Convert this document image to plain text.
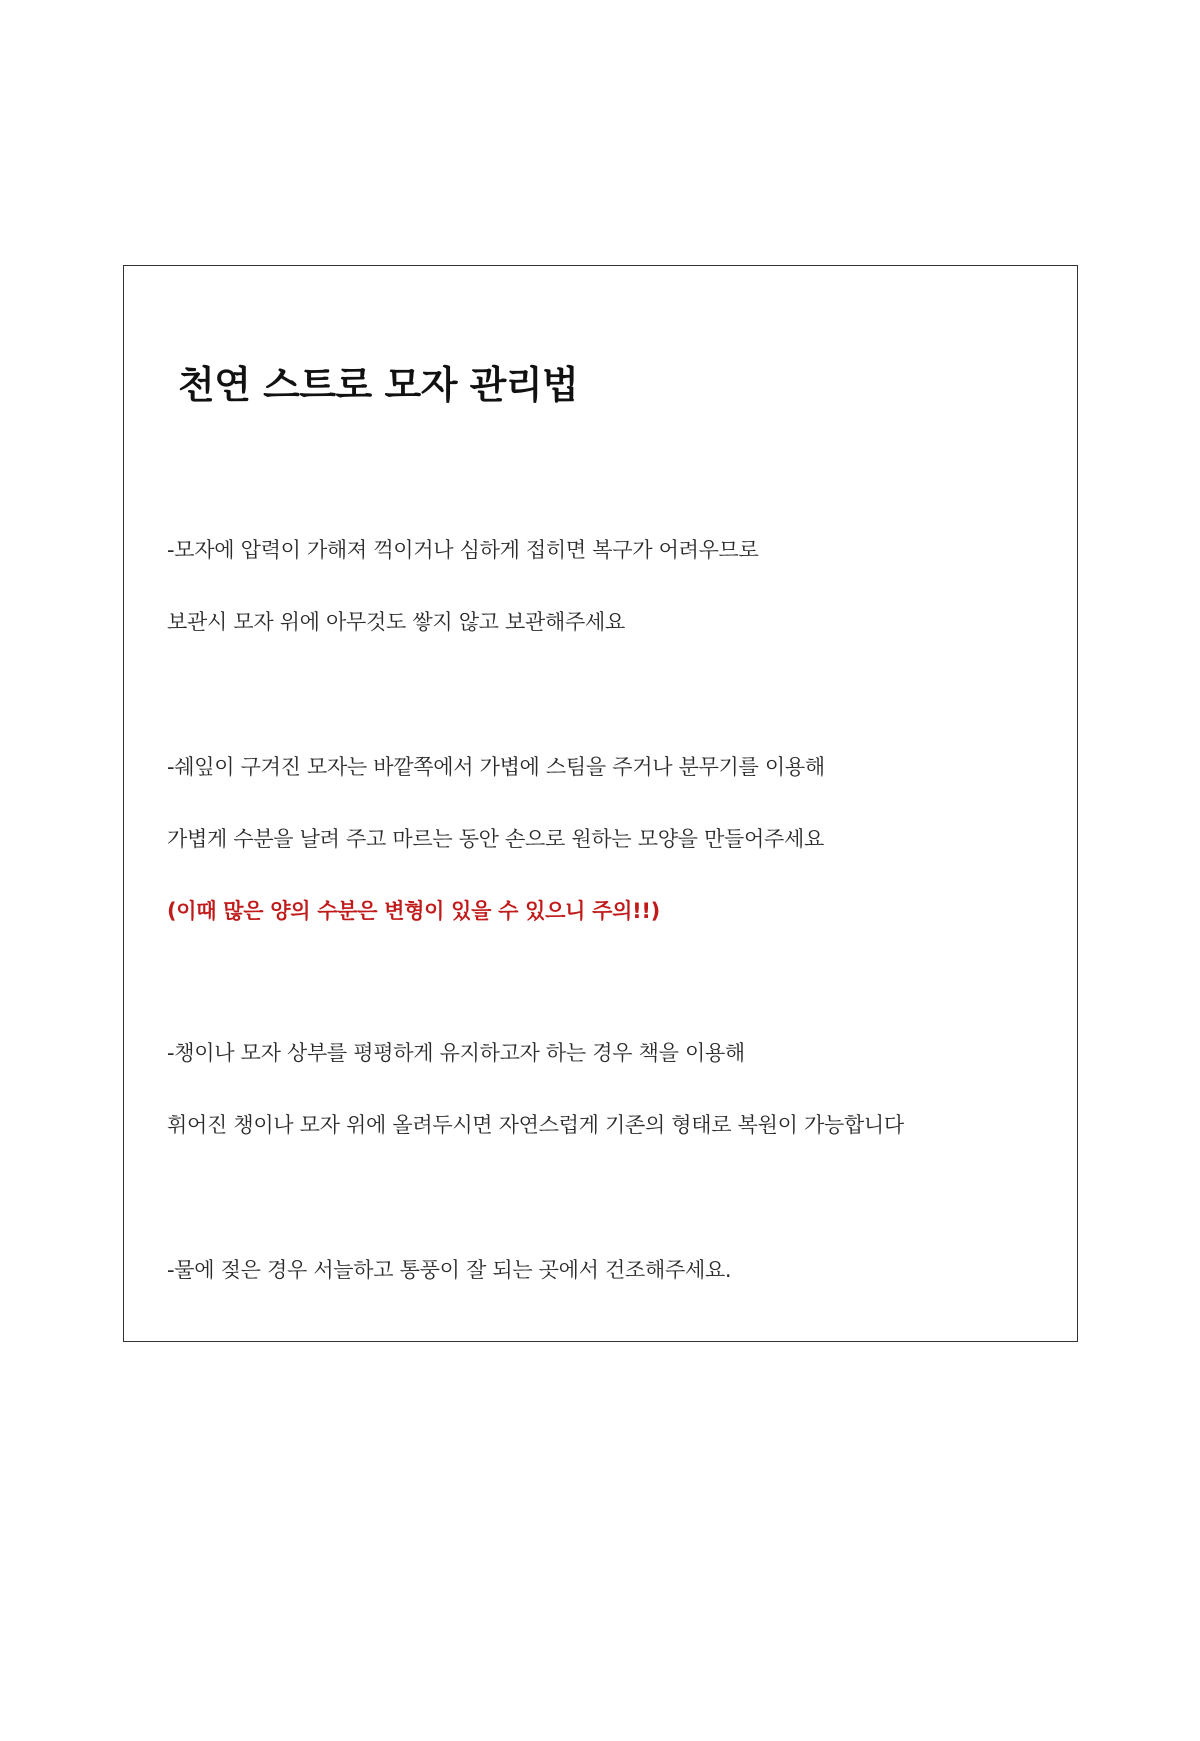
천연 스트로 모자 관리법

-모자에 압력이 가해져 꺽이거나 심하게 접히면 복구가 어려우므로

보관시 모자 위에 아무것도 쌓지 않고 보관해주세요

-쉐잎이 구겨진 모자는 바깥쪽에서 가볍에 스팀을 주거나 분무기를 이용해

가볍게 수분을 날려 주고 마르는 동안 손으로 원하는 모양을 만들어주세요

(이때 많은 양의 수분은 변형이 있을 수 있으니 주의!!)

-챙이나 모자 상부를 평평하게 유지하고자 하는 경우 책을 이용해

휘어진 챙이나 모자 위에 올려두시면 자연스럽게 기존의 형태로 복원이 가능합니다

-물에 젖은 경우 서늘하고 통풍이 잘 되는 곳에서 건조해주세요.
